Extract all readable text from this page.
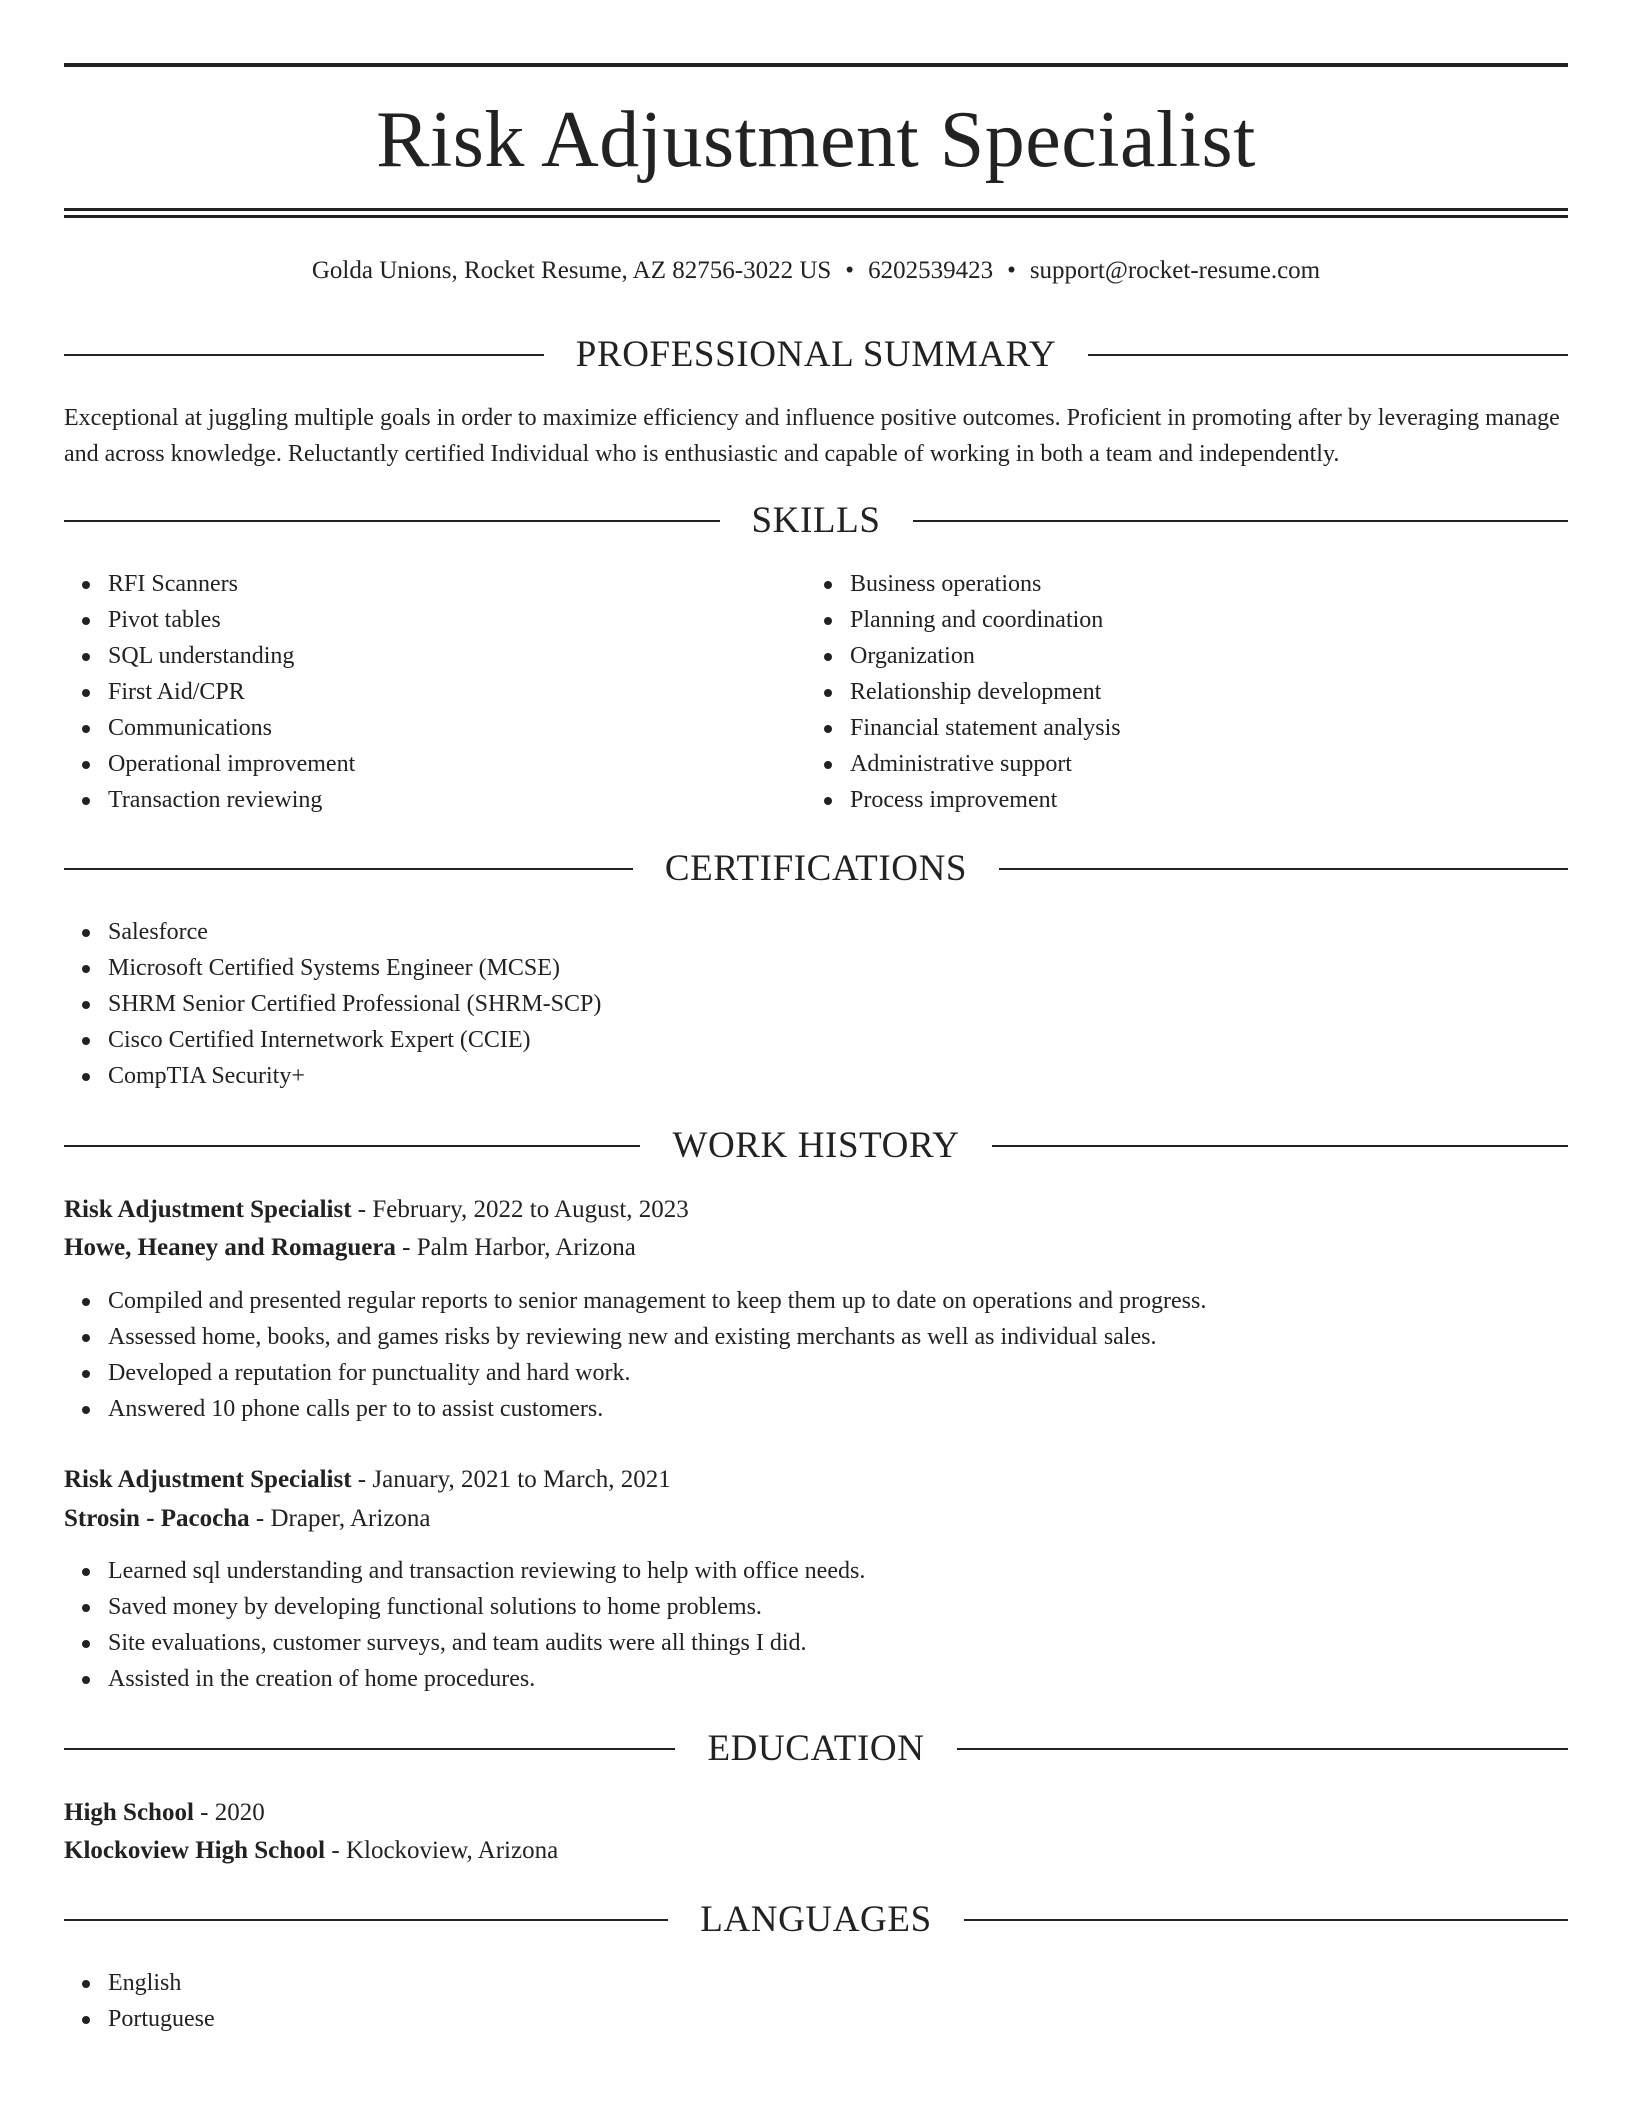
Risk Adjustment Specialist
Golda Unions, Rocket Resume, AZ 82756-3022 US • 6202539423 • support@rocket-resume.com
PROFESSIONAL SUMMARY
Exceptional at juggling multiple goals in order to maximize efficiency and influence positive outcomes. Proficient in promoting after by leveraging manage and across knowledge. Reluctantly certified Individual who is enthusiastic and capable of working in both a team and independently.
SKILLS
RFI Scanners
Pivot tables
SQL understanding
First Aid/CPR
Communications
Operational improvement
Transaction reviewing
Business operations
Planning and coordination
Organization
Relationship development
Financial statement analysis
Administrative support
Process improvement
CERTIFICATIONS
Salesforce
Microsoft Certified Systems Engineer (MCSE)
SHRM Senior Certified Professional (SHRM-SCP)
Cisco Certified Internetwork Expert (CCIE)
CompTIA Security+
WORK HISTORY
Risk Adjustment Specialist - February, 2022 to August, 2023
Howe, Heaney and Romaguera - Palm Harbor, Arizona
Compiled and presented regular reports to senior management to keep them up to date on operations and progress.
Assessed home, books, and games risks by reviewing new and existing merchants as well as individual sales.
Developed a reputation for punctuality and hard work.
Answered 10 phone calls per to to assist customers.
Risk Adjustment Specialist - January, 2021 to March, 2021
Strosin - Pacocha - Draper, Arizona
Learned sql understanding and transaction reviewing to help with office needs.
Saved money by developing functional solutions to home problems.
Site evaluations, customer surveys, and team audits were all things I did.
Assisted in the creation of home procedures.
EDUCATION
High School - 2020
Klockoview High School - Klockoview, Arizona
LANGUAGES
English
Portuguese
